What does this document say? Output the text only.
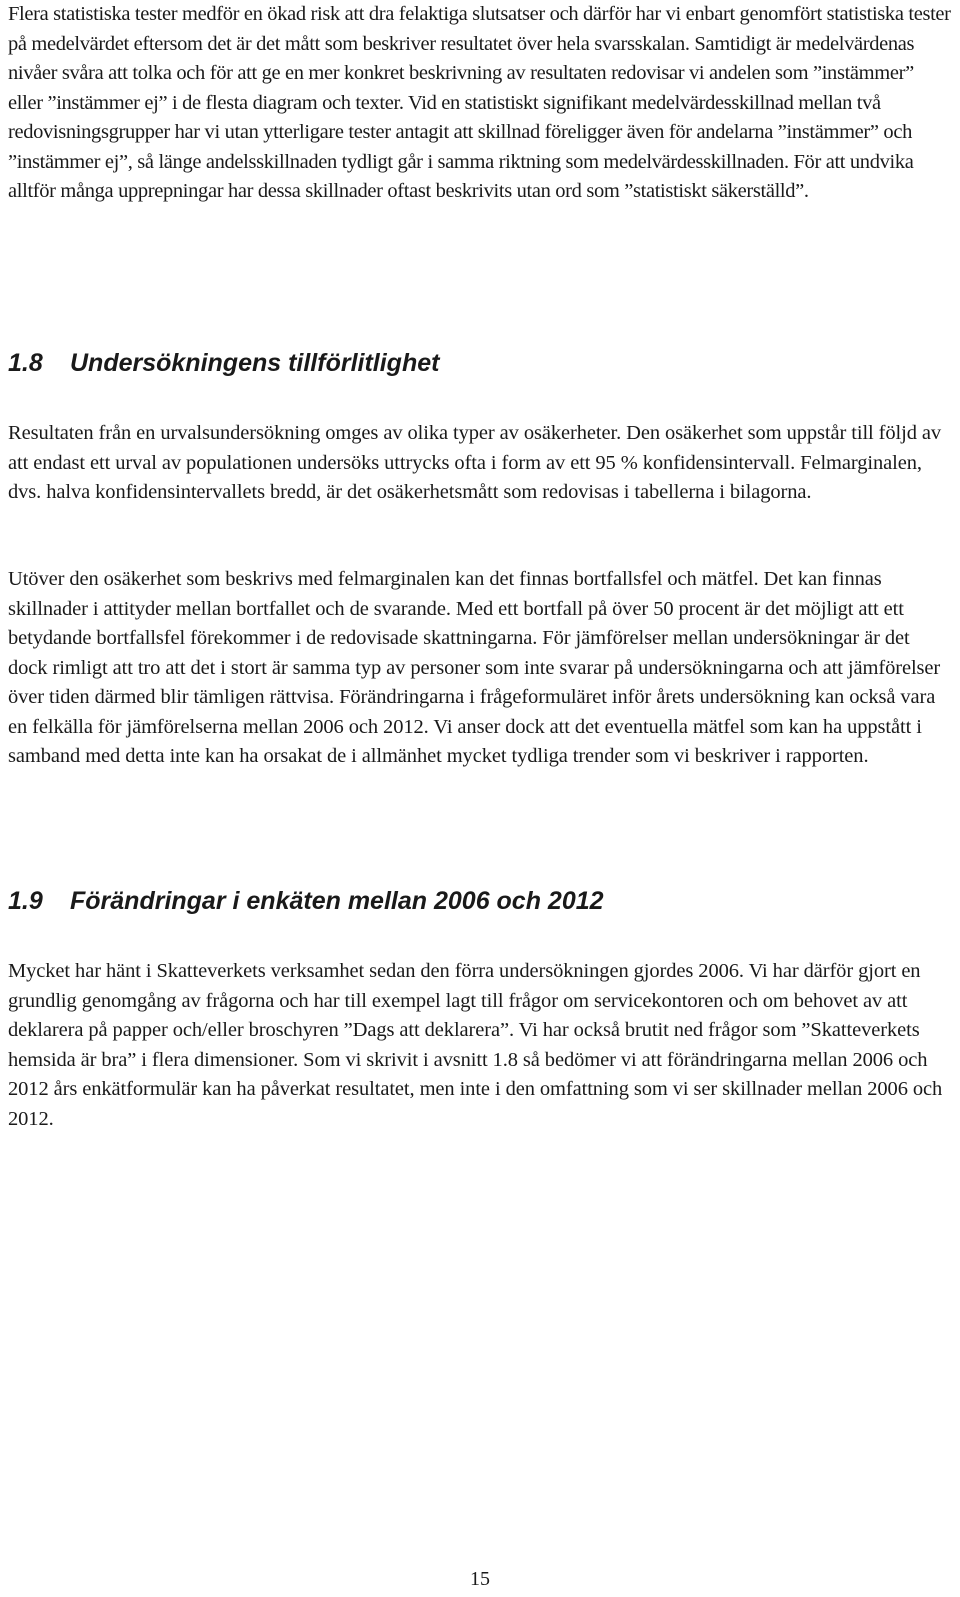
Flera statistiska tester medför en ökad risk att dra felaktiga slutsatser och därför har vi enbart genomfört statistiska tester på medelvärdet eftersom det är det mått som beskriver resultatet över hela svarsskalan. Samtidigt är medelvärdenas nivåer svåra att tolka och för att ge en mer konkret beskrivning av resultaten redovisar vi andelen som ”instämmer” eller ”instämmer ej” i de flesta diagram och texter. Vid en statistiskt signifikant medelvärdesskillnad mellan två redovisningsgrupper har vi utan ytterligare tester antagit att skillnad föreligger även för andelarna ”instämmer” och ”instämmer ej”, så länge andelsskillnaden tydligt går i samma riktning som medelvärdesskillnaden. För att undvika alltför många upprepningar har dessa skillnader oftast beskrivits utan ord som ”statistiskt säkerställd”.

1.8 Undersökningens tillförlitlighet

Resultaten från en urvalsundersökning omges av olika typer av osäkerheter. Den osäkerhet som uppstår till följd av att endast ett urval av populationen undersöks uttrycks ofta i form av ett 95 % konfidensintervall. Felmarginalen, dvs. halva konfidensintervallets bredd, är det osäkerhetsmått som redovisas i tabellerna i bilagorna.

Utöver den osäkerhet som beskrivs med felmarginalen kan det finnas bortfallsfel och mätfel. Det kan finnas skillnader i attityder mellan bortfallet och de svarande. Med ett bortfall på över 50 procent är det möjligt att ett betydande bortfallsfel förekommer i de redovisade skattningarna. För jämförelser mellan undersökningar är det dock rimligt att tro att det i stort är samma typ av personer som inte svarar på undersökningarna och att jämförelser över tiden därmed blir tämligen rättvisa. Förändringarna i frågeformuläret inför årets undersökning kan också vara en felkälla för jämförelserna mellan 2006 och 2012. Vi anser dock att det eventuella mätfel som kan ha uppstått i samband med detta inte kan ha orsakat de i allmänhet mycket tydliga trender som vi beskriver i rapporten.

1.9 Förändringar i enkäten mellan 2006 och 2012

Mycket har hänt i Skatteverkets verksamhet sedan den förra undersökningen gjordes 2006. Vi har därför gjort en grundlig genomgång av frågorna och har till exempel lagt till frågor om servicekontoren och om behovet av att deklarera på papper och/eller broschyren ”Dags att deklarera”. Vi har också brutit ned frågor som ”Skatteverkets hemsida är bra” i flera dimensioner. Som vi skrivit i avsnitt 1.8 så bedömer vi att förändringarna mellan 2006 och 2012 års enkätformulär kan ha påverkat resultatet, men inte i den omfattning som vi ser skillnader mellan 2006 och 2012.

15
